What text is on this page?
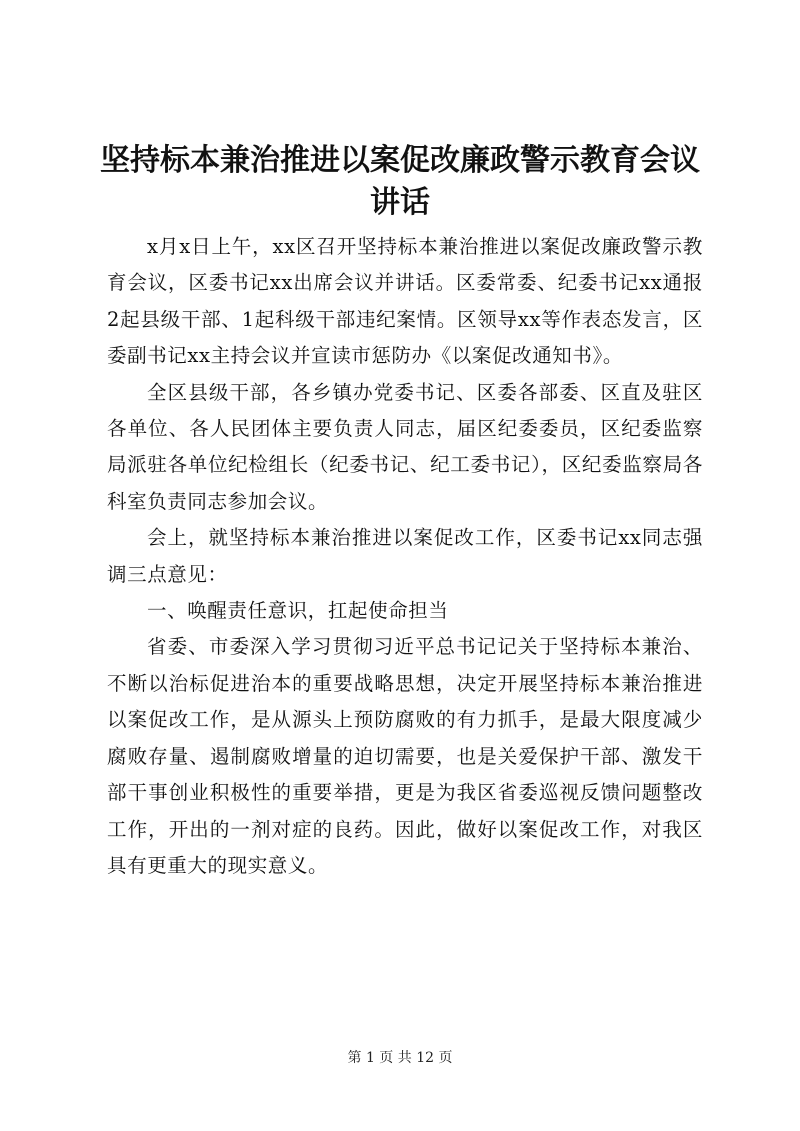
坚持标本兼治推进以案促改廉政警示教育会议讲话

x月x日上午，xx区召开坚持标本兼治推进以案促改廉政警示教育会议，区委书记xx出席会议并讲话。区委常委、纪委书记xx通报2起县级干部、1起科级干部违纪案情。区领导xx等作表态发言，区委副书记xx主持会议并宣读市惩防办《以案促改通知书》。

全区县级干部，各乡镇办党委书记、区委各部委、区直及驻区各单位、各人民团体主要负责人同志，届区纪委委员，区纪委监察局派驻各单位纪检组长（纪委书记、纪工委书记），区纪委监察局各科室负责同志参加会议。

会上，就坚持标本兼治推进以案促改工作，区委书记xx同志强调三点意见：

一、唤醒责任意识，扛起使命担当

省委、市委深入学习贯彻习近平总书记记关于坚持标本兼治、不断以治标促进治本的重要战略思想，决定开展坚持标本兼治推进以案促改工作，是从源头上预防腐败的有力抓手，是最大限度减少腐败存量、遏制腐败增量的迫切需要，也是关爱保护干部、激发干部干事创业积极性的重要举措，更是为我区省委巡视反馈问题整改工作，开出的一剂对症的良药。因此，做好以案促改工作，对我区具有更重大的现实意义。

第 1 页 共 12 页
